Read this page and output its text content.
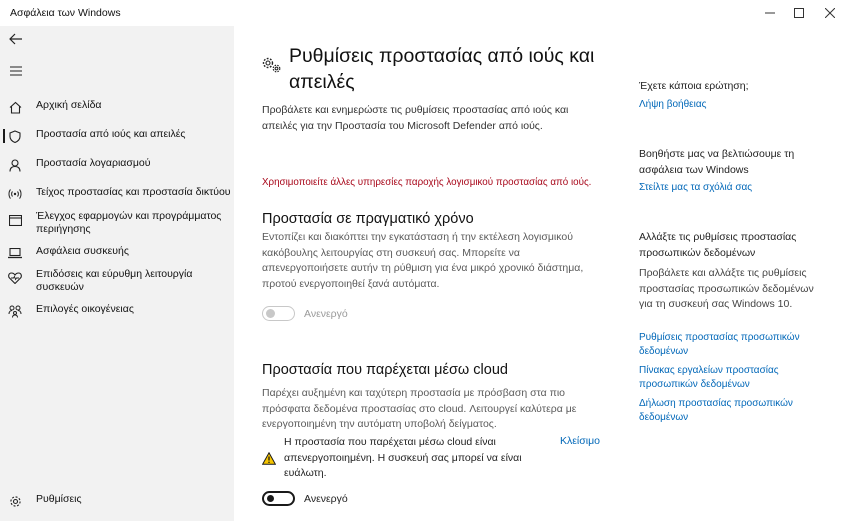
Ασφάλεια των Windows
Αρχική σελίδα
Προστασία από ιούς και απειλές
Προστασία λογαριασμού
Τείχος προστασίας και προστασία δικτύου
Έλεγχος εφαρμογών και προγράμματος περιήγησης
Ασφάλεια συσκευής
Επιδόσεις και εύρυθμη λειτουργία συσκευών
Επιλογές οικογένειας
Ρυθμίσεις
Ρυθμίσεις προστασίας από ιούς και απειλές

Προβάλετε και ενημερώστε τις ρυθμίσεις προστασίας από ιούς και απειλές για την Προστασία του Microsoft Defender από ιούς.

Χρησιμοποιείτε άλλες υπηρεσίες παροχής λογισμικού προστασίας από ιούς.

Προστασία σε πραγματικό χρόνο

Εντοπίζει και διακόπτει την εγκατάσταση ή την εκτέλεση λογισμικού κακόβουλης λειτουργίας στη συσκευή σας. Μπορείτε να απενεργοποιήσετε αυτήν τη ρύθμιση για ένα μικρό χρονικό διάστημα, προτού ενεργοποιηθεί ξανά αυτόματα.

Ανενεργό
Προστασία που παρέχεται μέσω cloud

Παρέχει αυξημένη και ταχύτερη προστασία με πρόσβαση στα πιο πρόσφατα δεδομένα προστασίας στο cloud. Λειτουργεί καλύτερα με ενεργοποιημένη την αυτόματη υποβολή δείγματος.

Η προστασία που παρέχεται μέσω cloud είναι απενεργοποιημένη. Η συσκευή σας μπορεί να είναι ευάλωτη.

Κλείσιμο
Ανενεργό
Έχετε κάποια ερώτηση;
Λήψη βοήθειας
Βοηθήστε μας να βελτιώσουμε τη ασφάλεια των Windows
Στείλτε μας τα σχόλιά σας
Αλλάξτε τις ρυθμίσεις προστασίας προσωπικών δεδομένων

Προβάλετε και αλλάξτε τις ρυθμίσεις προστασίας προσωπικών δεδομένων για τη συσκευή σας Windows 10.

Ρυθμίσεις προστασίας προσωπικών δεδομένων
Πίνακας εργαλείων προστασίας προσωπικών δεδομένων
Δήλωση προστασίας προσωπικών δεδομένων
